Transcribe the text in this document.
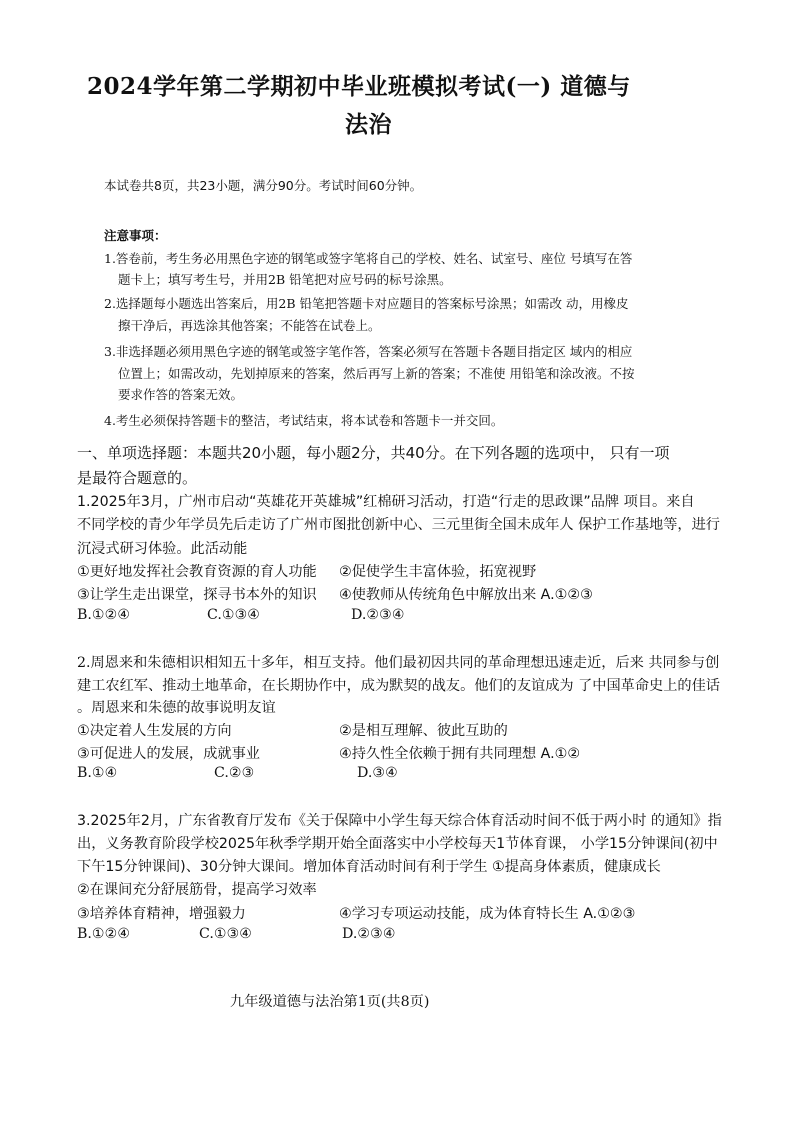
2024学年第二学期初中毕业班模拟考试(一) 道德与
法治
本试卷共8页，共23小题，满分90分。考试时间60分钟。
注意事项：
1.答卷前，考生务必用黑色字迹的钢笔或签字笔将自己的学校、姓名、试室号、座位 号填写在答
题卡上；填写考生号，并用2B 铅笔把对应号码的标号涂黑。
2.选择题每小题选出答案后，用2B 铅笔把答题卡对应题目的答案标号涂黑；如需改 动，用橡皮
擦干净后，再选涂其他答案；不能答在试卷上。
3.非选择题必须用黑色字迹的钢笔或签字笔作答，答案必须写在答题卡各题目指定区 域内的相应
位置上；如需改动，先划掉原来的答案，然后再写上新的答案；不准使 用铅笔和涂改液。不按
要求作答的答案无效。
4.考生必须保持答题卡的整洁，考试结束，将本试卷和答题卡一并交回。
一、单项选择题：本题共20小题，每小题2分，共40分。在下列各题的选项中， 只有一项
是最符合题意的。
1.2025年3月，广州市启动“英雄花开英雄城”红棉研习活动，打造“行走的思政课”品牌 项目。来自
不同学校的青少年学员先后走访了广州市图批创新中心、三元里街全国未成年人 保护工作基地等，进行
沉浸式研习体验。此活动能
①更好地发挥社会教育资源的育人功能 ②促使学生丰富体验，拓宽视野
③让学生走出课堂，探寻书本外的知识 ④使教师从传统角色中解放出来 A.①②③
B.①②④	C.①③④	D.②③④
2.周恩来和朱德相识相知五十多年，相互支持。他们最初因共同的革命理想迅速走近，后来 共同参与创
建工农红军、推动土地革命，在长期协作中，成为默契的战友。他们的友谊成为 了中国革命史上的佳话
。周恩来和朱德的故事说明友谊
①决定着人生发展的方向	②是相互理解、彼此互助的
③可促进人的发展，成就事业	④持久性全依赖于拥有共同理想 A.①②
B.①④	C.②③	D.③④
3.2025年2月，广东省教育厅发布《关于保障中小学生每天综合体育活动时间不低于两小时 的通知》指
出，义务教育阶段学校2025年秋季学期开始全面落实中小学校每天1节体育课， 小学15分钟课间(初中
下午15分钟课间)、30分钟大课间。增加体育活动时间有利于学生 ①提高身体素质，健康成长
②在课间充分舒展筋骨，提高学习效率
③培养体育精神，增强毅力	④学习专项运动技能，成为体育特长生 A.①②③
B.①②④	C.①③④	D.②③④
九年级道德与法治第1页(共8页)
